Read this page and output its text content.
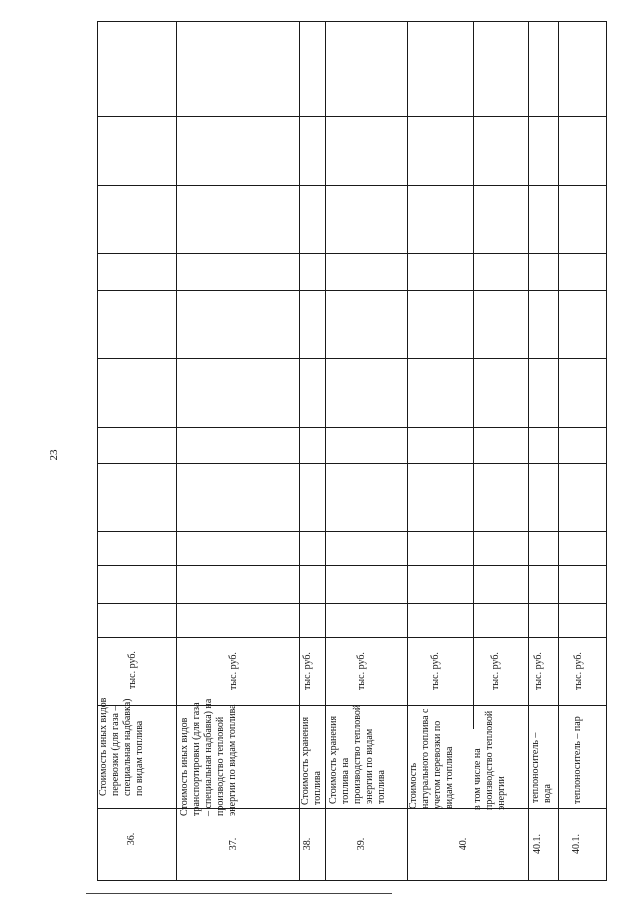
23
36.
Стоимость иных видов перевозки (для газа – специальная надбавка) по видам топлива
тыс. руб.
37.
Стоимость иных видов транспортировки (для газа – специальная надбавка) на производство тепловой энергии по видам топлива
тыс. руб.
38.
Стоимость хранения топлива
тыс. руб.
39.
Стоимость хранения топлива на производство тепловой энергии по видам топлива
тыс. руб.
40.
Стоимость натурального топлива с учетом перевозки по видам топлива
тыс. руб.
в том числе на производство тепловой энергии
тыс. руб.
40.1.
теплоноситель – вода
тыс. руб.
40.1.
теплоноситель – пар
тыс. руб.
